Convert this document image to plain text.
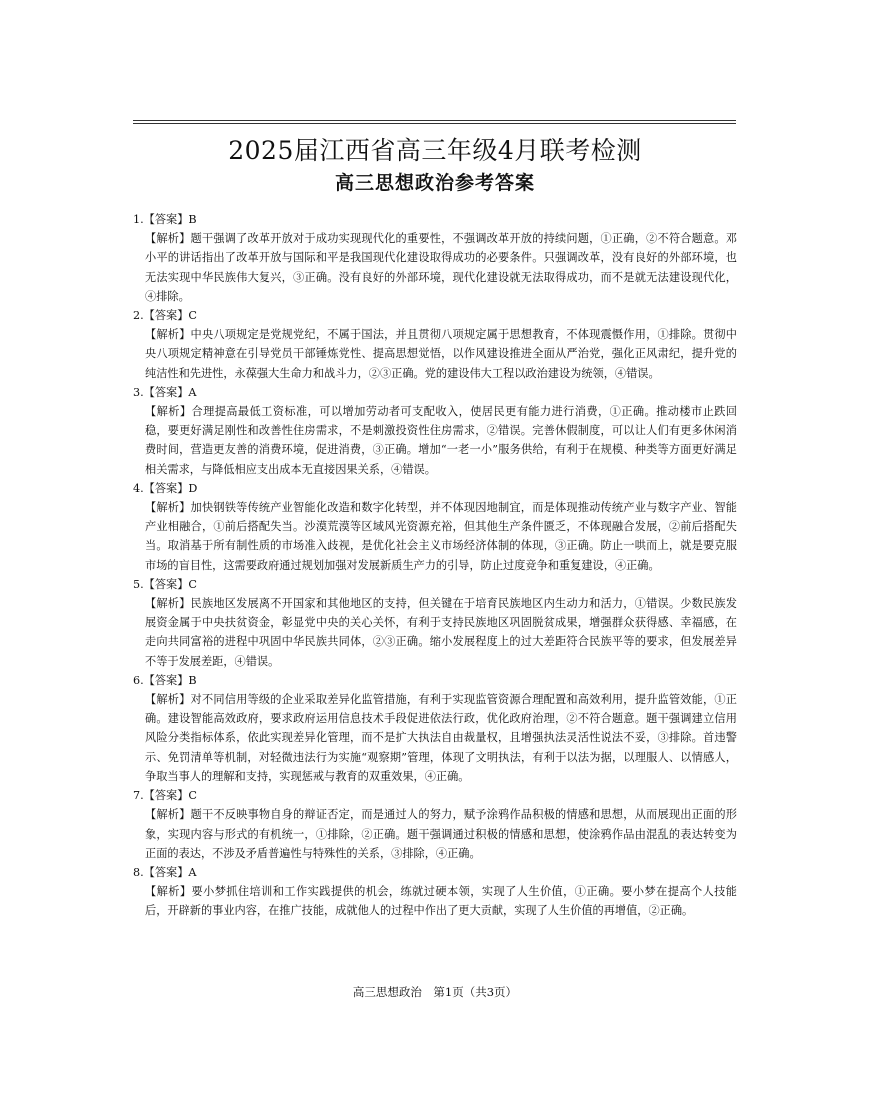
2025届江西省高三年级4月联考检测
高三思想政治参考答案

1.【答案】B

【解析】题干强调了改革开放对于成功实现现代化的重要性，不强调改革开放的持续问题，①正确，②不符合题意。邓小平的讲话指出了改革开放与国际和平是我国现代化建设取得成功的必要条件。只强调改革，没有良好的外部环境，也无法实现中华民族伟大复兴，③正确。没有良好的外部环境，现代化建设就无法取得成功，而不是就无法建设现代化，④排除。

2.【答案】C

【解析】中央八项规定是党规党纪，不属于国法，并且贯彻八项规定属于思想教育，不体现震慑作用，①排除。贯彻中央八项规定精神意在引导党员干部锤炼党性、提高思想觉悟，以作风建设推进全面从严治党，强化正风肃纪，提升党的纯洁性和先进性，永葆强大生命力和战斗力，②③正确。党的建设伟大工程以政治建设为统领，④错误。

3.【答案】A

【解析】合理提高最低工资标准，可以增加劳动者可支配收入，使居民更有能力进行消费，①正确。推动楼市止跌回稳，要更好满足刚性和改善性住房需求，不是刺激投资性住房需求，②错误。完善休假制度，可以让人们有更多休闲消费时间，营造更友善的消费环境，促进消费，③正确。增加“一老一小”服务供给，有利于在规模、种类等方面更好满足相关需求，与降低相应支出成本无直接因果关系，④错误。

4.【答案】D

【解析】加快钢铁等传统产业智能化改造和数字化转型，并不体现因地制宜，而是体现推动传统产业与数字产业、智能产业相融合，①前后搭配失当。沙漠荒漠等区域风光资源充裕，但其他生产条件匮乏，不体现融合发展，②前后搭配失当。取消基于所有制性质的市场准入歧视，是优化社会主义市场经济体制的体现，③正确。防止一哄而上，就是要克服市场的盲目性，这需要政府通过规划加强对发展新质生产力的引导，防止过度竞争和重复建设，④正确。

5.【答案】C

【解析】民族地区发展离不开国家和其他地区的支持，但关键在于培育民族地区内生动力和活力，①错误。少数民族发展资金属于中央扶贫资金，彰显党中央的关心关怀，有利于支持民族地区巩固脱贫成果，增强群众获得感、幸福感，在走向共同富裕的进程中巩固中华民族共同体，②③正确。缩小发展程度上的过大差距符合民族平等的要求，但发展差异不等于发展差距，④错误。

6.【答案】B

【解析】对不同信用等级的企业采取差异化监管措施，有利于实现监管资源合理配置和高效利用，提升监管效能，①正确。建设智能高效政府，要求政府运用信息技术手段促进依法行政，优化政府治理，②不符合题意。题干强调建立信用风险分类指标体系，依此实现差异化管理，而不是扩大执法自由裁量权，且增强执法灵活性说法不妥，③排除。首违警示、免罚清单等机制，对轻微违法行为实施“观察期”管理，体现了文明执法，有利于以法为据，以理服人、以情感人，争取当事人的理解和支持，实现惩戒与教育的双重效果，④正确。

7.【答案】C

【解析】题干不反映事物自身的辩证否定，而是通过人的努力，赋予涂鸦作品积极的情感和思想，从而展现出正面的形象，实现内容与形式的有机统一，①排除，②正确。题干强调通过积极的情感和思想，使涂鸦作品由混乱的表达转变为正面的表达，不涉及矛盾普遍性与特殊性的关系，③排除，④正确。

8.【答案】A

【解析】要小梦抓住培训和工作实践提供的机会，练就过硬本领，实现了人生价值，①正确。要小梦在提高个人技能后，开辟新的事业内容，在推广技能，成就他人的过程中作出了更大贡献，实现了人生价值的再增值，②正确。

高三思想政治　第1页（共3页）
